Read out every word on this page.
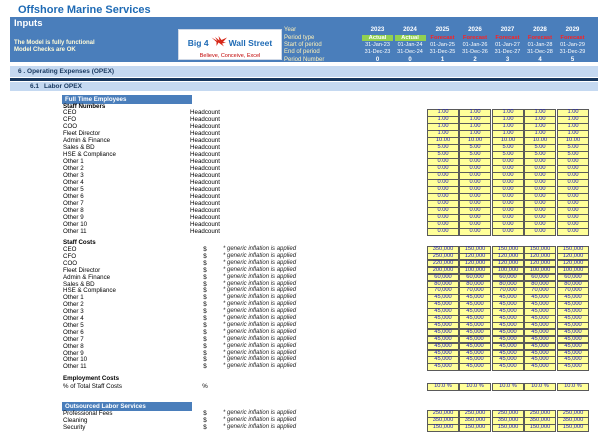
Offshore Marine Services
Inputs
The Model is fully functional
Model Checks are OK
Big 4 Wall Street
Believe, Conceive, Excel
Year	2023	2024	2025	2026	2027	2028	2029
Period type	Actual	Actual	Forecast	Forecast	Forecast	Forecast	Forecast
Start of period	31-Jan-23	01-Jan-24	01-Jan-25	01-Jan-26	01-Jan-27	01-Jan-28	01-Jan-29
End of period	31-Dec-23	31-Dec-24	31-Dec-25	31-Dec-26	31-Dec-27	31-Dec-28	31-Dec-29
Period Number	0	0	1	2	3	4	5
6 . Operating Expenses (OPEX)
6.1 Labor OPEX
Full Time Employees
Staff Numbers
Staff Costs
Employment Costs
Outsourced Labor Services
CEO	Headcount	1.00	1.00	1.00	1.00	1.00
CFO	Headcount	1.00	1.00	1.00	1.00	1.00
COO	Headcount	1.00	1.00	1.00	1.00	1.00
Fleet Director	Headcount	1.00	1.00	1.00	1.00	1.00
Admin & Finance	Headcount	10.00	10.00	10.00	10.00	10.00
Sales & BD	Headcount	5.00	5.00	5.00	5.00	5.00
HSE & Compliance	Headcount	5.00	5.00	5.00	5.00	5.00
Other 1	Headcount	0.00	0.00	0.00	0.00	0.00
Other 2	Headcount	0.00	0.00	0.00	0.00	0.00
Other 3	Headcount	0.00	0.00	0.00	0.00	0.00
Other 4	Headcount	0.00	0.00	0.00	0.00	0.00
Other 5	Headcount	0.00	0.00	0.00	0.00	0.00
Other 6	Headcount	0.00	0.00	0.00	0.00	0.00
Other 7	Headcount	0.00	0.00	0.00	0.00	0.00
Other 8	Headcount	0.00	0.00	0.00	0.00	0.00
Other 9	Headcount	0.00	0.00	0.00	0.00	0.00
Other 10	Headcount	0.00	0.00	0.00	0.00	0.00
Other 11	Headcount	0.00	0.00	0.00	0.00	0.00
CEO	$	* generic inflation is applied	350,000	150,000	150,000	150,000	150,000
CFO	$	* generic inflation is applied	250,000	120,000	120,000	120,000	120,000
COO	$	* generic inflation is applied	220,000	120,000	120,000	120,000	120,000
Fleet Director	$	* generic inflation is applied	200,000	100,000	100,000	100,000	100,000
Admin & Finance	$	* generic inflation is applied	60,000	60,000	60,000	60,000	60,000
Sales & BD	$	* generic inflation is applied	80,000	80,000	80,000	80,000	80,000
HSE & Compliance	$	* generic inflation is applied	70,000	70,000	70,000	70,000	70,000
Other 1	$	* generic inflation is applied	45,000	45,000	45,000	45,000	45,000
Other 2	$	* generic inflation is applied	45,000	45,000	45,000	45,000	45,000
Other 3	$	* generic inflation is applied	45,000	45,000	45,000	45,000	45,000
Other 4	$	* generic inflation is applied	45,000	45,000	45,000	45,000	45,000
Other 5	$	* generic inflation is applied	45,000	45,000	45,000	45,000	45,000
Other 6	$	* generic inflation is applied	45,000	45,000	45,000	45,000	45,000
Other 7	$	* generic inflation is applied	45,000	45,000	45,000	45,000	45,000
Other 8	$	* generic inflation is applied	45,000	45,000	45,000	45,000	45,000
Other 9	$	* generic inflation is applied	45,000	45,000	45,000	45,000	45,000
Other 10	$	* generic inflation is applied	45,000	45,000	45,000	45,000	45,000
Other 11	$	* generic inflation is applied	45,000	45,000	45,000	45,000	45,000
% of Total Staff Costs	%	10.0 %	10.0 %	10.0 %	10.0 %	10.0 %
Professional Fees	$	* generic inflation is applied	250,000	250,000	250,000	250,000	250,000
Cleaning	$	* generic inflation is applied	350,000	350,000	350,000	350,000	350,000
Security	$	* generic inflation is applied	150,000	150,000	150,000	150,000	150,000
